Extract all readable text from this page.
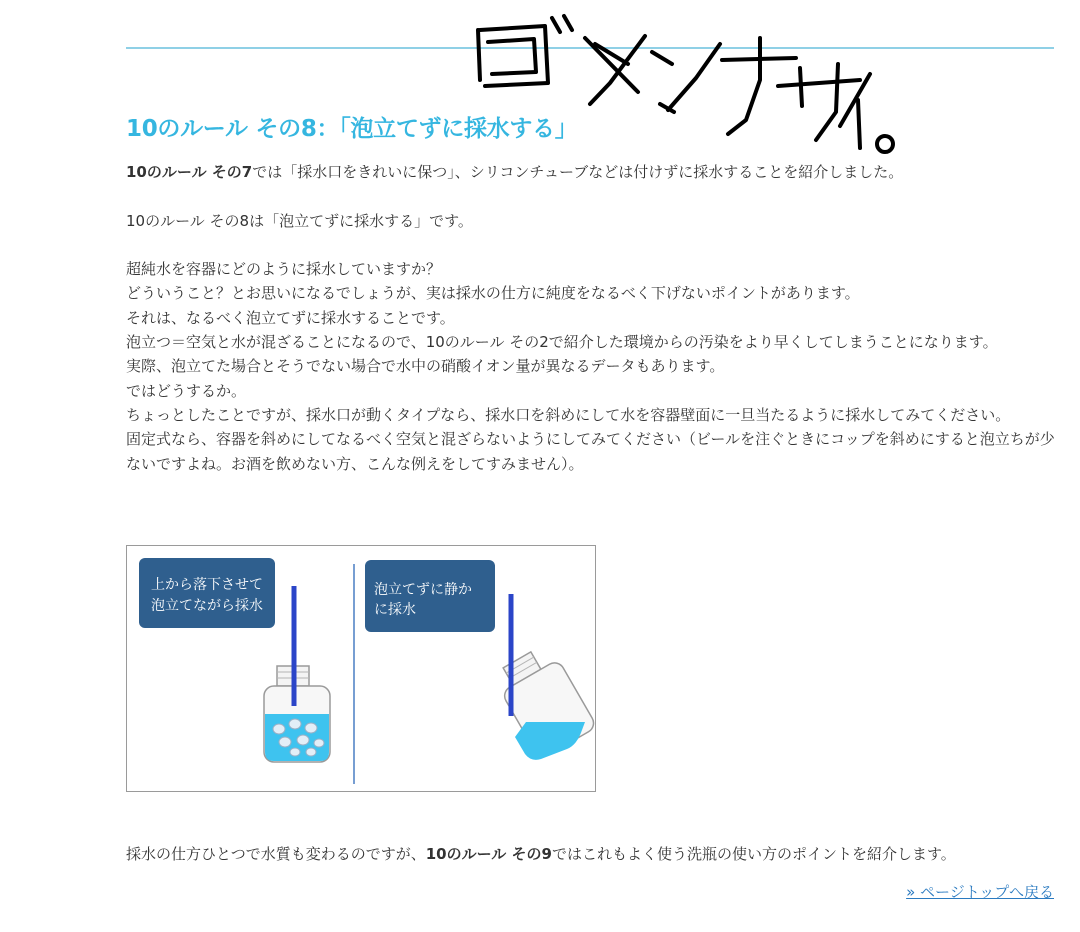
10のルール その8：「泡立てずに採水する」

10のルール その7では「採水口をきれいに保つ」、シリコンチューブなどは付けずに採水することを紹介しました。

10のルール その8は「泡立てずに採水する」です。

超純水を容器にどのように採水していますか？

どういうこと？とお思いになるでしょうが、実は採水の仕方に純度をなるべく下げないポイントがあります。

それは、なるべく泡立てずに採水することです。

泡立つ＝空気と水が混ざることになるので、10のルール その2で紹介した環境からの汚染をより早くしてしまうことになります。

実際、泡立てた場合とそうでない場合で水中の硝酸イオン量が異なるデータもあります。

ではどうするか。

ちょっとしたことですが、採水口が動くタイプなら、採水口を斜めにして水を容器壁面に一旦当たるように採水してみてください。

固定式なら、容器を斜めにしてなるべく空気と混ざらないようにしてみてください（ビールを注ぐときにコップを斜めにすると泡立ちが少ないですよね。お酒を飲めない方、こんな例えをしてすみません）。

上から落下させて
泡立てながら採水
泡立てずに静か
に採水

採水の仕方ひとつで水質も変わるのですが、10のルール その9ではこれもよく使う洗瓶の使い方のポイントを紹介します。

» ページトップへ戻る
